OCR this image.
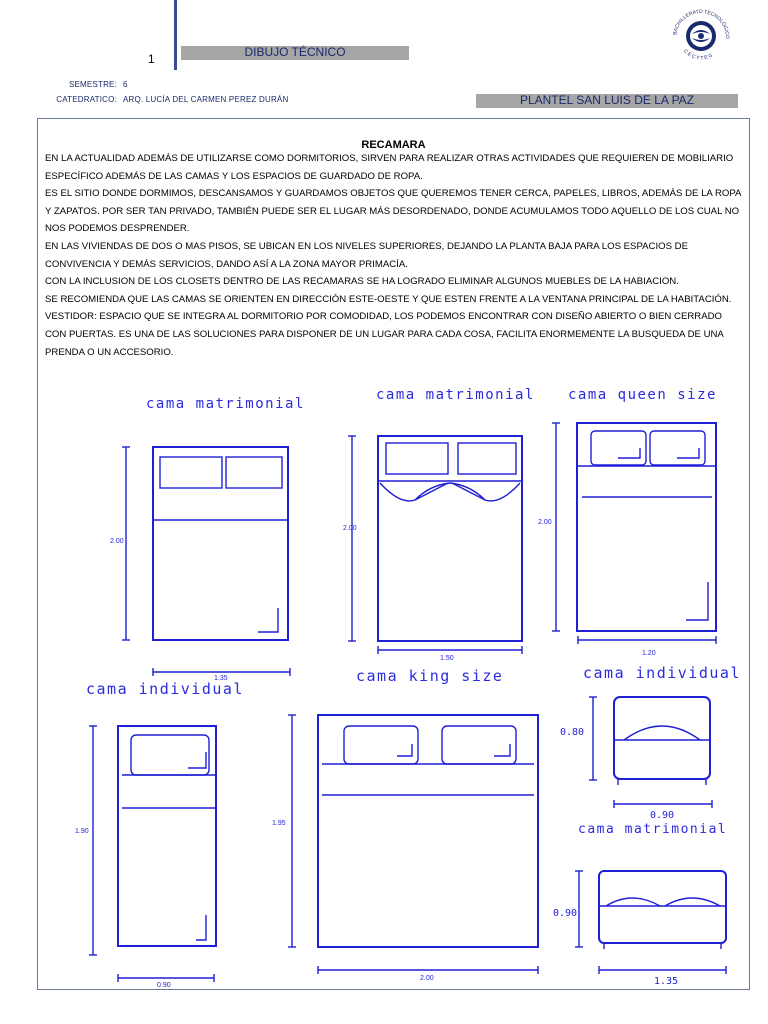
1	DIBUJO TÉCNICO
SEMESTRE: 6
CATEDRATICO: ARQ. LUCÍA DEL CARMEN PEREZ DURÁN	PLANTEL SAN LUIS DE LA PAZ
BACHILLERATO TECNOLÓGICO
C E C Y T E G
RECAMARA

EN LA ACTUALIDAD ADEMÁS DE UTILIZARSE COMO DORMITORIOS, SIRVEN PARA REALIZAR OTRAS ACTIVIDADES QUE REQUIEREN DE MOBILIARIO ESPECÍFICO ADEMÁS DE LAS CAMAS Y LOS ESPACIOS DE GUARDADO DE ROPA.

ES EL SITIO DONDE DORMIMOS, DESCANSAMOS Y GUARDAMOS OBJETOS QUE QUEREMOS TENER CERCA, PAPELES, LIBROS, ADEMÁS DE LA ROPA Y ZAPATOS. POR SER TAN PRIVADO, TAMBIÉN PUEDE SER EL LUGAR MÁS DESORDENADO, DONDE ACUMULAMOS TODO AQUELLO DE LOS CUAL NO NOS PODEMOS DESPRENDER.

EN LAS VIVIENDAS DE DOS O MAS PISOS, SE UBICAN EN LOS NIVELES SUPERIORES, DEJANDO LA PLANTA BAJA PARA LOS ESPACIOS DE CONVIVENCIA Y DEMÁS SERVICIOS, DANDO ASÍ A LA ZONA MAYOR PRIMACÍA.

CON LA INCLUSION DE LOS CLOSETS DENTRO DE LAS RECAMARAS SE HA LOGRADO ELIMINAR ALGUNOS MUEBLES DE LA HABIACION.

SE RECOMIENDA QUE LAS CAMAS SE ORIENTEN EN DIRECCIÓN ESTE-OESTE Y QUE ESTEN FRENTE A LA VENTANA PRINCIPAL DE LA HABITACIÓN.

VESTIDOR: ESPACIO QUE SE INTEGRA AL DORMITORIO POR COMODIDAD, LOS PODEMOS ENCONTRAR CON DISEÑO ABIERTO O BIEN CERRADO CON PUERTAS. ES UNA DE LAS SOLUCIONES PARA DISPONER DE UN LUGAR PARA CADA COSA, FACILITA ENORMEMENTE LA BUSQUEDA DE UNA PRENDA O UN ACCESORIO.

cama matrimonial
cama matrimonial cama queen size
cama individual
cama king size	cama individual
cama matrimonial
2.00
1.35
2.00
1.50
2.00
1.20
1.90
0.90
1.95
2.00
0.80
0.90
0.90
1.35
